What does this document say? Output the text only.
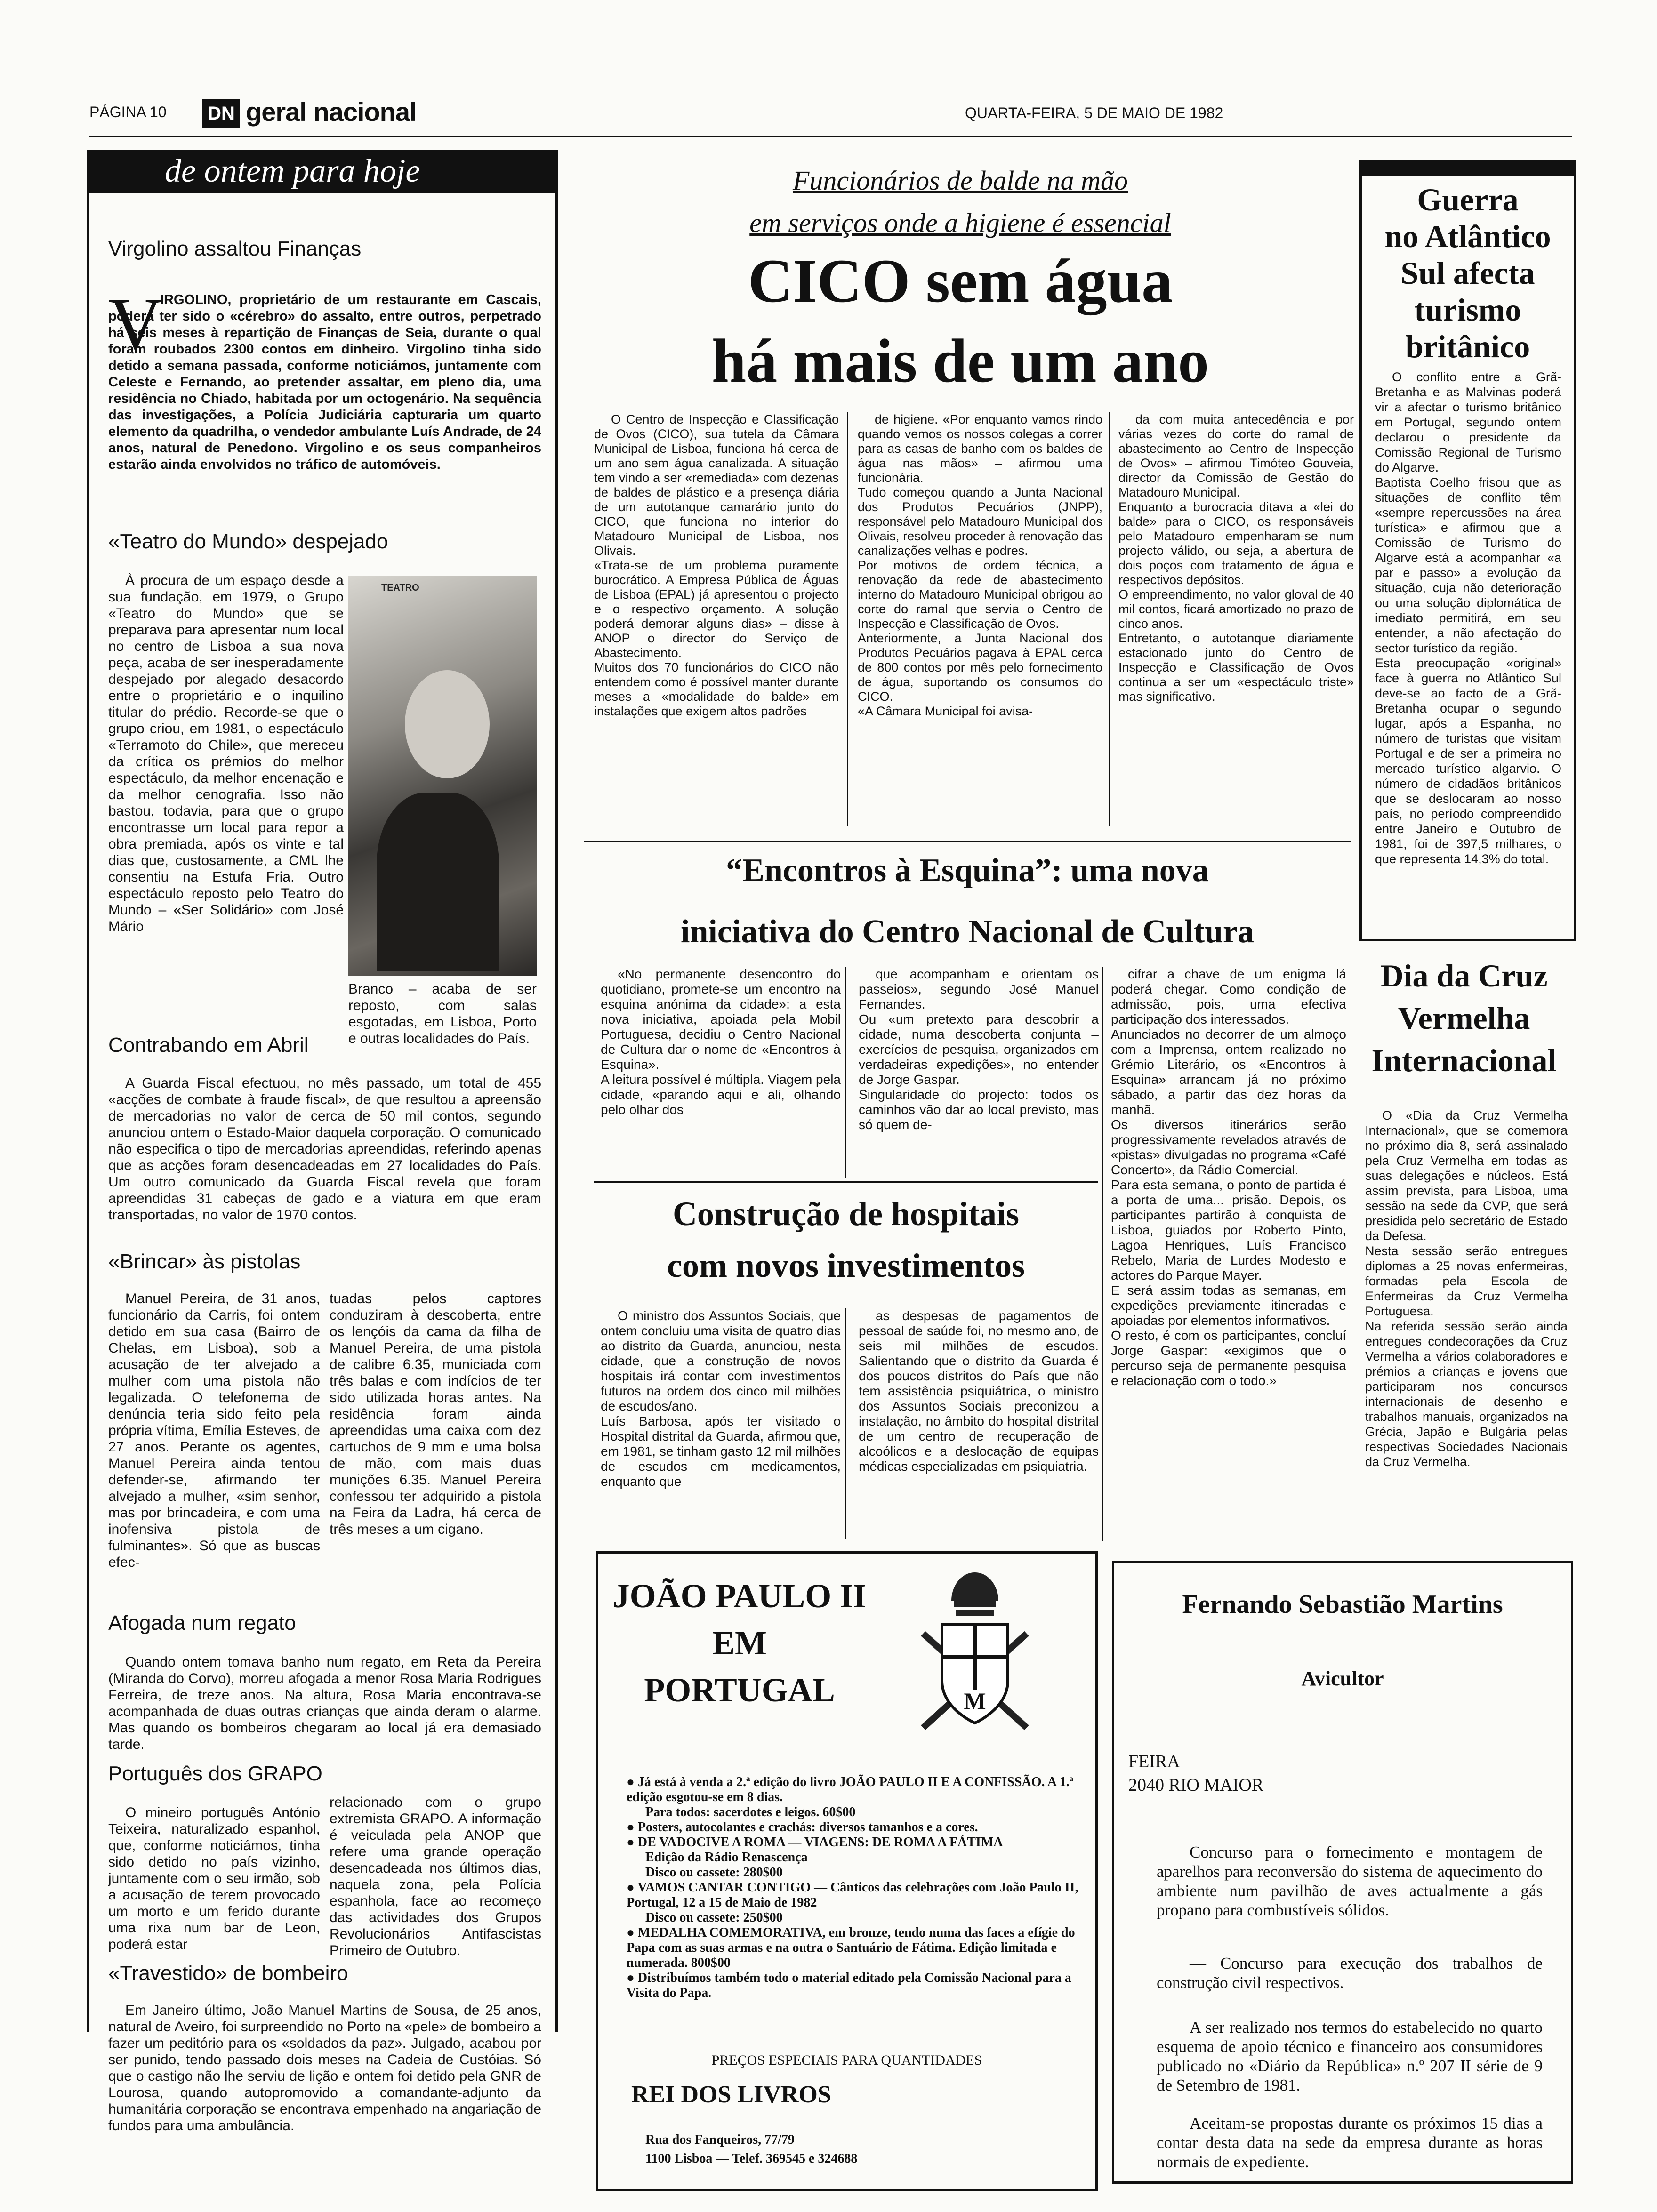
PÁGINA 10 DN geral nacional	QUARTA-FEIRA, 5 DE MAIO DE 1982
de ontem para hoje
Virgolino assaltou Finanças
V
IRGOLINO, proprietário de um restaurante em Cascais, poderá ter sido o «cérebro» do assalto, entre outros, perpetrado há seis meses à repartição de Finanças de Seia, durante o qual foram roubados 2300 contos em dinheiro. Virgolino tinha sido detido a semana passada, conforme noticiámos, juntamente com Celeste e Fernando, ao pretender assaltar, em pleno dia, uma residência no Chiado, habitada por um octogenário. Na sequência das investigações, a Polícia Judiciária capturaria um quarto elemento da quadrilha, o vendedor ambulante Luís Andrade, de 24 anos, natural de Penedono. Virgolino e os seus companheiros estarão ainda envolvidos no tráfico de automóveis.
«Teatro do Mundo» despejado
À procura de um espaço desde a sua fundação, em 1979, o Grupo «Teatro do Mundo» que se preparava para apresentar num local no centro de Lisboa a sua nova peça, acaba de ser inesperadamente despejado por alegado desacordo entre o proprietário e o inquilino titular do prédio. Recorde-se que o grupo criou, em 1981, o espectáculo «Terramoto do Chile», que mereceu da crítica os prémios do melhor espectáculo, da melhor encenação e da melhor cenografia. Isso não bastou, todavia, para que o grupo encontrasse um local para repor a obra premiada, após os vinte e tal dias que, custosamente, a CML lhe consentiu na Estufa Fria. Outro espectáculo reposto pelo Teatro do Mundo – «Ser Solidário» com José Mário
TEATRO
Branco – acaba de ser reposto, com salas esgotadas, em Lisboa, Porto e outras localidades do País.
Contrabando em Abril
A Guarda Fiscal efectuou, no mês passado, um total de 455 «acções de combate à fraude fiscal», de que resultou a apreensão de mercadorias no valor de cerca de 50 mil contos, segundo anunciou ontem o Estado-Maior daquela corporação. O comunicado não especifica o tipo de mercadorias apreendidas, referindo apenas que as acções foram desencadeadas em 27 localidades do País. Um outro comunicado da Guarda Fiscal revela que foram apreendidas 31 cabeças de gado e a viatura em que eram transportadas, no valor de 1970 contos.
«Brincar» às pistolas
Manuel Pereira, de 31 anos, funcionário da Carris, foi ontem detido em sua casa (Bairro de Chelas, em Lisboa), sob a acusação de ter alvejado a mulher com uma pistola não legalizada. O telefonema de denúncia teria sido feito pela própria vítima, Emília Esteves, de 27 anos. Perante os agentes, Manuel Pereira ainda tentou defender-se, afirmando ter alvejado a mulher, «sim senhor, mas por brincadeira, e com uma inofensiva pistola de fulminantes». Só que as buscas efec-
tuadas pelos captores conduziram à descoberta, entre os lençóis da cama da filha de Manuel Pereira, de uma pistola de calibre 6.35, municiada com três balas e com indícios de ter sido utilizada horas antes. Na residência foram ainda apreendidas uma caixa com dez cartuchos de 9 mm e uma bolsa de mão, com mais duas munições 6.35. Manuel Pereira confessou ter adquirido a pistola na Feira da Ladra, há cerca de três meses a um cigano.
Afogada num regato
Quando ontem tomava banho num regato, em Reta da Pereira (Miranda do Corvo), morreu afogada a menor Rosa Maria Rodrigues Ferreira, de treze anos. Na altura, Rosa Maria encontrava-se acompanhada de duas outras crianças que ainda deram o alarme. Mas quando os bombeiros chegaram ao local já era demasiado tarde.
Português dos GRAPO
O mineiro português António Teixeira, naturalizado espanhol, que, conforme noticiámos, tinha sido detido no país vizinho, juntamente com o seu irmão, sob a acusação de terem provocado um morto e um ferido durante uma rixa num bar de Leon, poderá estar
relacionado com o grupo extremista GRAPO. A informação é veiculada pela ANOP que refere uma grande operação desencadeada nos últimos dias, naquela zona, pela Polícia espanhola, face ao recomeço das actividades dos Grupos Revolucionários Antifascistas Primeiro de Outubro.
«Travestido» de bombeiro
Em Janeiro último, João Manuel Martins de Sousa, de 25 anos, natural de Aveiro, foi surpreendido no Porto na «pele» de bombeiro a fazer um peditório para os «soldados da paz». Julgado, acabou por ser punido, tendo passado dois meses na Cadeia de Custóias. Só que o castigo não lhe serviu de lição e ontem foi detido pela GNR de Lourosa, quando autopromovido a comandante-adjunto da humanitária corporação se encontrava empenhado na angariação de fundos para uma ambulância.
Funcionários de balde na mão
em serviços onde a higiene é essencial
CICO sem água
há mais de um ano
O Centro de Inspecção e Classificação de Ovos (CICO), sua tutela da Câmara Municipal de Lisboa, funciona há cerca de um ano sem água canalizada. A situação tem vindo a ser «remediada» com dezenas de baldes de plástico e a presença diária de um autotanque camarário junto do CICO, que funciona no interior do Matadouro Municipal de Lisboa, nos Olivais.
«Trata-se de um problema puramente burocrático. A Empresa Pública de Águas de Lisboa (EPAL) já apresentou o projecto e o respectivo orçamento. A solução poderá demorar alguns dias» – disse à ANOP o director do Serviço de Abastecimento.
Muitos dos 70 funcionários do CICO não entendem como é possível manter durante meses a «modalidade do balde» em instalações que exigem altos padrões
de higiene. «Por enquanto vamos rindo quando vemos os nossos colegas a correr para as casas de banho com os baldes de água nas mãos» – afirmou uma funcionária.
Tudo começou quando a Junta Nacional dos Produtos Pecuários (JNPP), responsável pelo Matadouro Municipal dos Olivais, resolveu proceder à renovação das canalizações velhas e podres.
Por motivos de ordem técnica, a renovação da rede de abastecimento interno do Matadouro Municipal obrigou ao corte do ramal que servia o Centro de Inspecção e Classificação de Ovos.
Anteriormente, a Junta Nacional dos Produtos Pecuários pagava à EPAL cerca de 800 contos por mês pelo fornecimento de água, suportando os consumos do CICO.
«A Câmara Municipal foi avisa-
da com muita antecedência e por várias vezes do corte do ramal de abastecimento ao Centro de Inspecção de Ovos» – afirmou Timóteo Gouveia, director da Comissão de Gestão do Matadouro Municipal.
Enquanto a burocracia ditava a «lei do balde» para o CICO, os responsáveis pelo Matadouro empenharam-se num projecto válido, ou seja, a abertura de dois poços com tratamento de água e respectivos depósitos.
O empreendimento, no valor gloval de 40 mil contos, ficará amortizado no prazo de cinco anos.
Entretanto, o autotanque diariamente estacionado junto do Centro de Inspecção e Classificação de Ovos continua a ser um «espectáculo triste» mas significativo.
Guerra
no Atlântico
Sul afecta
turismo
britânico
O conflito entre a Grã-Bretanha e as Malvinas poderá vir a afectar o turismo britânico em Portugal, segundo ontem declarou o presidente da Comissão Regional de Turismo do Algarve.
Baptista Coelho frisou que as situações de conflito têm «sempre repercussões na área turística» e afirmou que a Comissão de Turismo do Algarve está a acompanhar «a par e passo» a evolução da situação, cuja não deterioração ou uma solução diplomática de imediato permitirá, em seu entender, a não afectação do sector turístico da região.
Esta preocupação «original» face à guerra no Atlântico Sul deve-se ao facto de a Grã-Bretanha ocupar o segundo lugar, após a Espanha, no número de turistas que visitam Portugal e de ser a primeira no mercado turístico algarvio. O número de cidadãos britânicos que se deslocaram ao nosso país, no período compreendido entre Janeiro e Outubro de 1981, foi de 397,5 milhares, o que representa 14,3% do total.
“Encontros à Esquina”: uma nova
iniciativa do Centro Nacional de Cultura
«No permanente desencontro do quotidiano, promete-se um encontro na esquina anónima da cidade»: a esta nova iniciativa, apoiada pela Mobil Portuguesa, decidiu o Centro Nacional de Cultura dar o nome de «Encontros à Esquina».
A leitura possível é múltipla. Viagem pela cidade, «parando aqui e ali, olhando pelo olhar dos
que acompanham e orientam os passeios», segundo José Manuel Fernandes.
Ou «um pretexto para descobrir a cidade, numa descoberta conjunta – exercícios de pesquisa, organizados em verdadeiras expedições», no entender de Jorge Gaspar.
Singularidade do projecto: todos os caminhos vão dar ao local previsto, mas só quem de-
cifrar a chave de um enigma lá poderá chegar. Como condição de admissão, pois, uma efectiva participação dos interessados.
Anunciados no decorrer de um almoço com a Imprensa, ontem realizado no Grémio Literário, os «Encontros à Esquina» arrancam já no próximo sábado, a partir das dez horas da manhã.
Os diversos itinerários serão progressivamente revelados através de «pistas» divulgadas no programa «Café Concerto», da Rádio Comercial.
Para esta semana, o ponto de partida é a porta de uma... prisão. Depois, os participantes partirão à conquista de Lisboa, guiados por Roberto Pinto, Lagoa Henriques, Luís Francisco Rebelo, Maria de Lurdes Modesto e actores do Parque Mayer.
E será assim todas as semanas, em expedições previamente itineradas e apoiadas por elementos informativos.
O resto, é com os participantes, concluí Jorge Gaspar: «exigimos que o percurso seja de permanente pesquisa e relacionação com o todo.»
Construção de hospitais
com novos investimentos
O ministro dos Assuntos Sociais, que ontem concluiu uma visita de quatro dias ao distrito da Guarda, anunciou, nesta cidade, que a construção de novos hospitais irá contar com investimentos futuros na ordem dos cinco mil milhões de escudos/ano.
Luís Barbosa, após ter visitado o Hospital distrital da Guarda, afirmou que, em 1981, se tinham gasto 12 mil milhões de escudos em medicamentos, enquanto que
as despesas de pagamentos de pessoal de saúde foi, no mesmo ano, de seis mil milhões de escudos. Salientando que o distrito da Guarda é dos poucos distritos do País que não tem assistência psiquiátrica, o ministro dos Assuntos Sociais preconizou a instalação, no âmbito do hospital distrital de um centro de recuperação de alcoólicos e a deslocação de equipas médicas especializadas em psiquiatria.
Dia da Cruz
Vermelha
Internacional
O «Dia da Cruz Vermelha Internacional», que se comemora no próximo dia 8, será assinalado pela Cruz Vermelha em todas as suas delegações e núcleos. Está assim prevista, para Lisboa, uma sessão na sede da CVP, que será presidida pelo secretário de Estado da Defesa.
Nesta sessão serão entregues diplomas a 25 novas enfermeiras, formadas pela Escola de Enfermeiras da Cruz Vermelha Portuguesa.
Na referida sessão serão ainda entregues condecorações da Cruz Vermelha a vários colaboradores e prémios a crianças e jovens que participaram nos concursos internacionais de desenho e trabalhos manuais, organizados na Grécia, Japão e Bulgária pelas respectivas Sociedades Nacionais da Cruz Vermelha.
JOÃO PAULO II
EM
PORTUGAL	M
● Já está à venda a 2.ª edição do livro JOÃO PAULO II E A CONFISSÃO. A 1.ª edição esgotou-se em 8 dias.
Para todos: sacerdotes e leigos. 60$00
● Posters, autocolantes e crachás: diversos tamanhos e a cores.
● DE VADOCIVE A ROMA — VIAGENS: DE ROMA A FÁTIMA
Edição da Rádio Renascença
Disco ou cassete: 280$00
● VAMOS CANTAR CONTIGO — Cânticos das celebrações com João Paulo II, Portugal, 12 a 15 de Maio de 1982
Disco ou cassete: 250$00
● MEDALHA COMEMORATIVA, em bronze, tendo numa das faces a efígie do Papa com as suas armas e na outra o Santuário de Fátima. Edição limitada e numerada. 800$00
● Distribuímos também todo o material editado pela Comissão Nacional para a Visita do Papa.
PREÇOS ESPECIAIS PARA QUANTIDADES
REI DOS LIVROS
Rua dos Fanqueiros, 77/79
1100 Lisboa — Telef. 369545 e 324688
Fernando Sebastião Martins
Avicultor
FEIRA
2040 RIO MAIOR
Concurso para o fornecimento e montagem de aparelhos para reconversão do sistema de aquecimento do ambiente num pavilhão de aves actualmente a gás propano para combustíveis sólidos.
— Concurso para execução dos trabalhos de construção civil respectivos.
A ser realizado nos termos do estabelecido no quarto esquema de apoio técnico e financeiro aos consumidores publicado no «Diário da República» n.º 207 II série de 9 de Setembro de 1981.
Aceitam-se propostas durante os próximos 15 dias a contar desta data na sede da empresa durante as horas normais de expediente.
